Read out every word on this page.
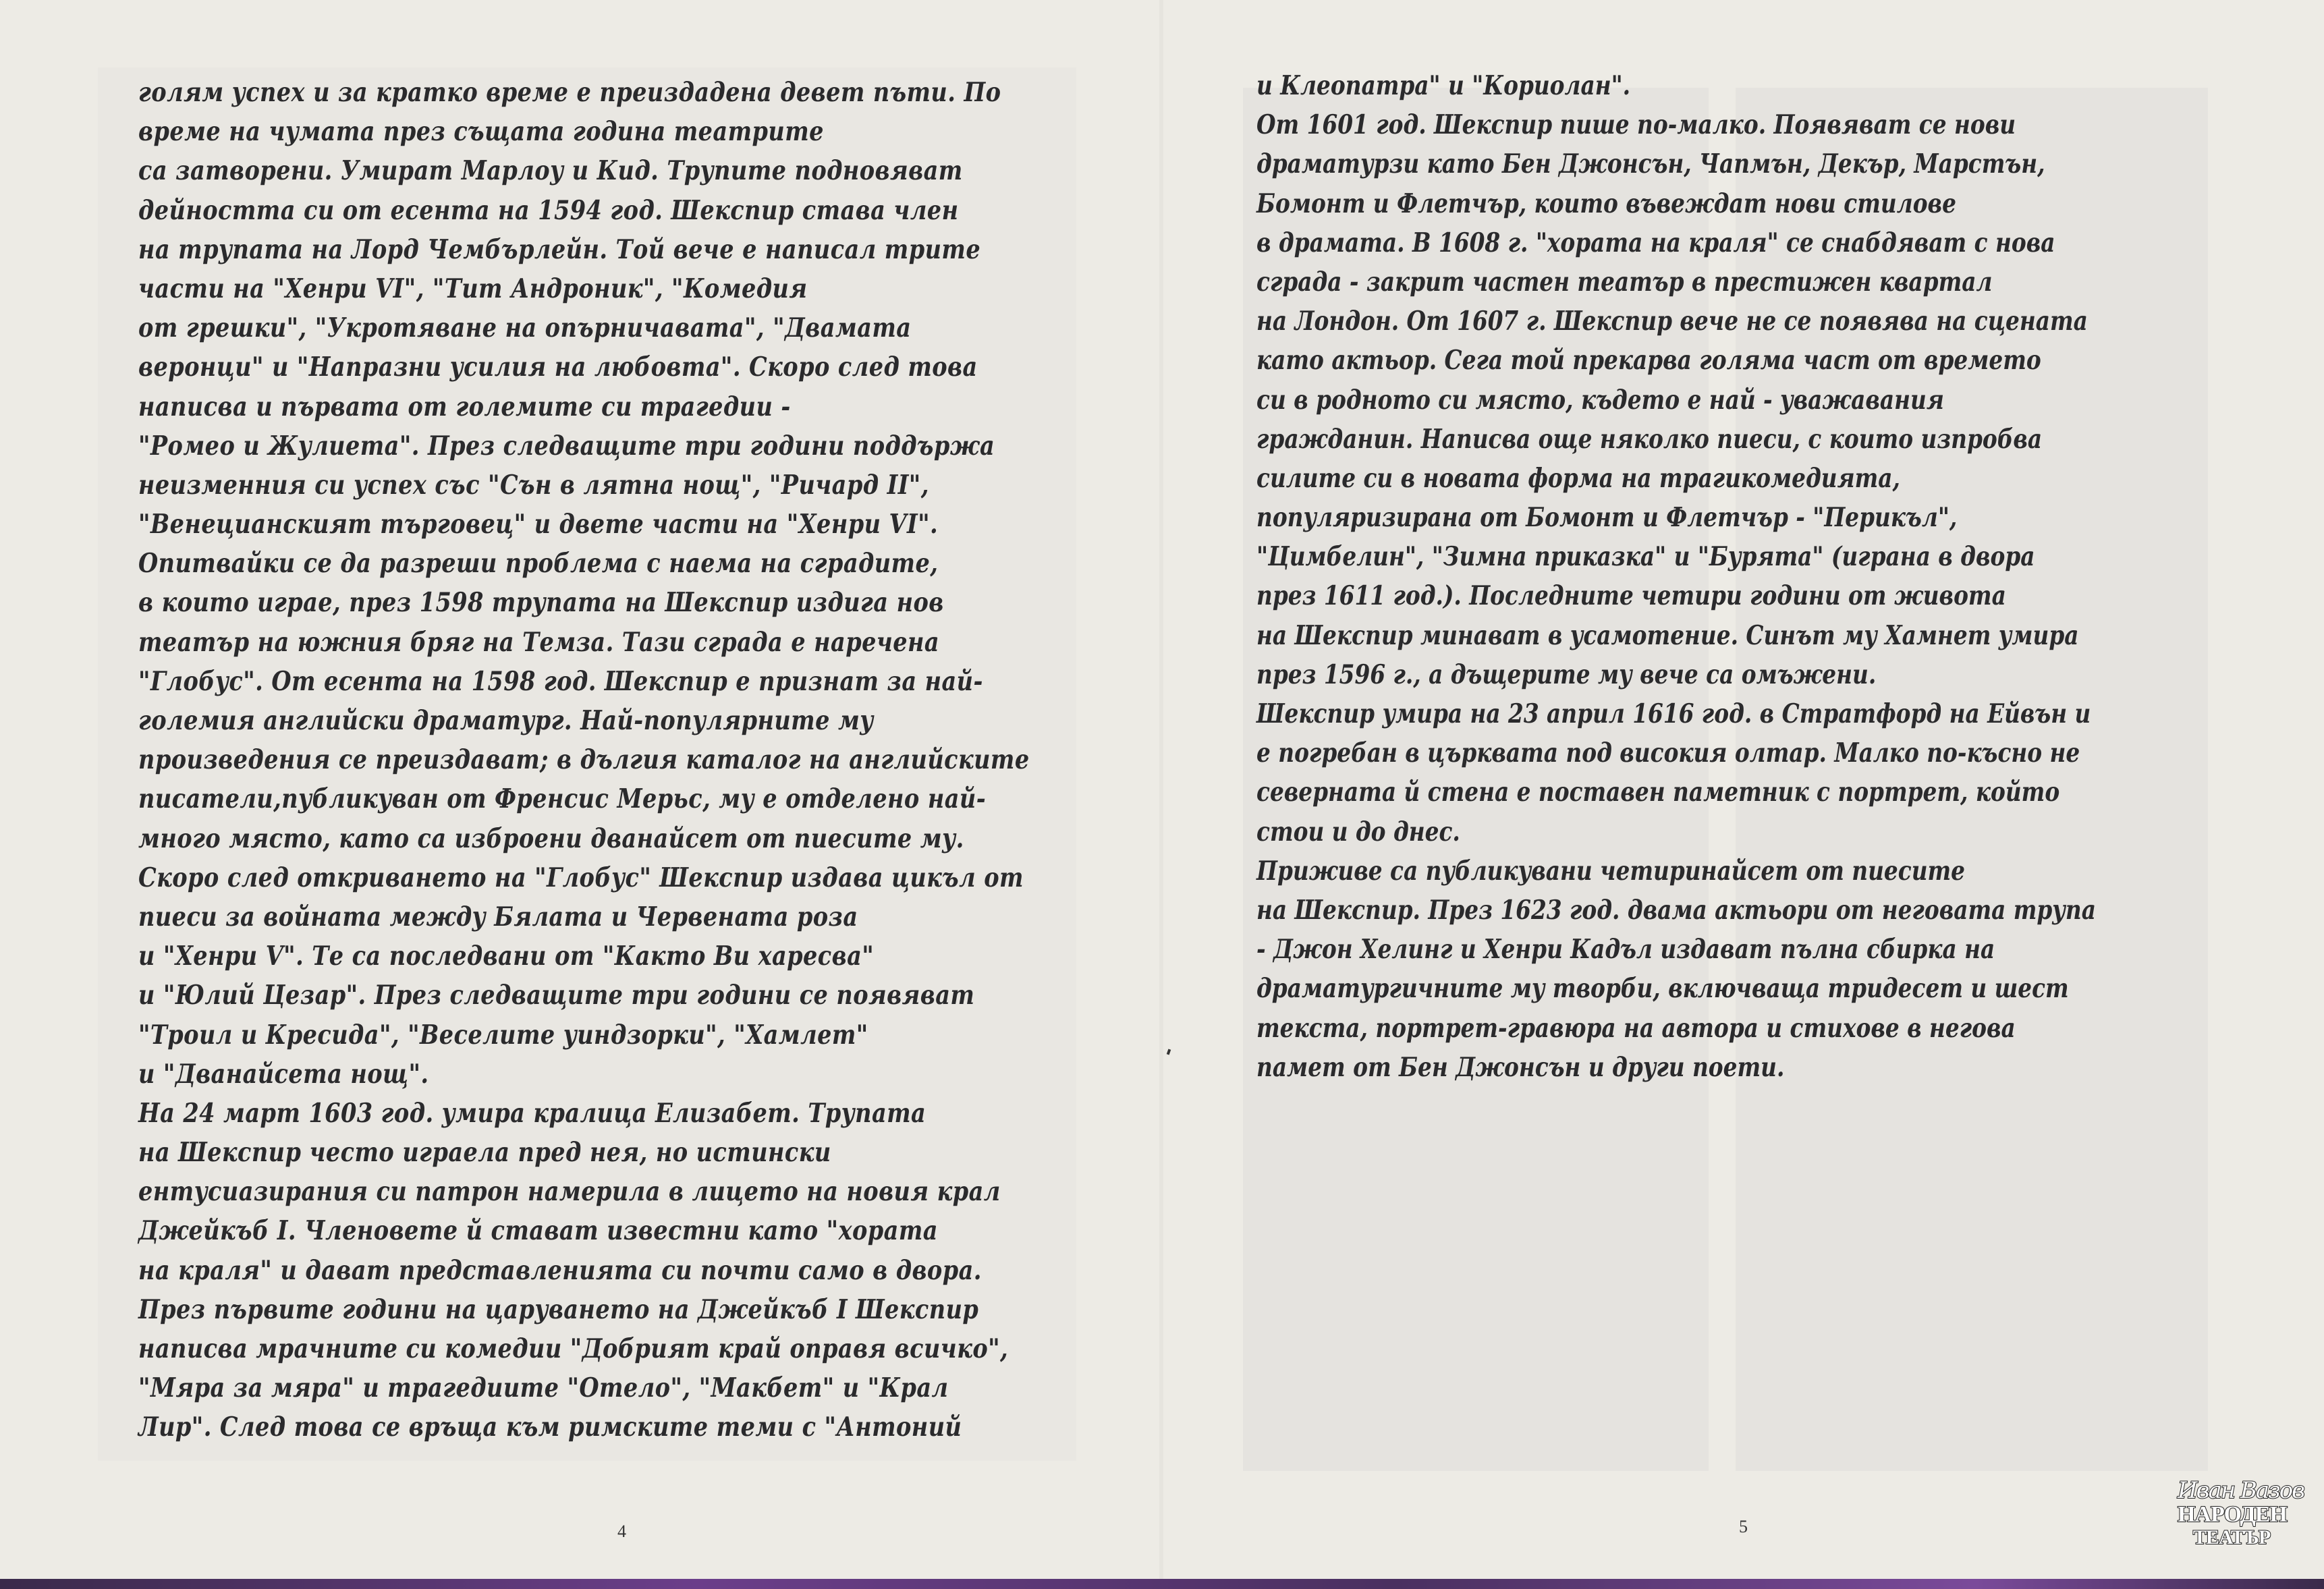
и Клеопатра" и "Кориолан".
От 1601 год. Шекспир пише по-малко. Появяват се нови
драматурзи като Бен Джонсън, Чапмън, Декър, Марстън,
Бомонт и Флетчър, които въвеждат нови стилове
в драмата. В 1608 г. "хората на краля" се снабдяват с нова
сграда - закрит частен театър в престижен квартал
на Лондон. От 1607 г. Шекспир вече не се появява на сцената
като актьор. Сега той прекарва голяма част от времето
си в родното си място, където е най - уважавания
гражданин. Написва още няколко пиеси, с които изпробва
силите си в новата форма на трагикомедията,
популяризирана от Бомонт и Флетчър - "Перикъл",
"Цимбелин", "Зимна приказка" и "Бурята" (играна в двора
през 1611 год.). Последните четири години от живота
на Шекспир минават в усамотение. Синът му Хамнет умира
през 1596 г., а дъщерите му вече са омъжени.
Шекспир умира на 23 април 1616 год. в Стратфорд на Ейвън и
е погребан в църквата под високия олтар. Малко по-късно не
северната й стена е поставен паметник с портрет, който
стои и до днес.
Приживе са публикувани четиринайсет от пиесите
на Шекспир. През 1623 год. двама актьори от неговата трупа
- Джон Хелинг и Хенри Кадъл издават пълна сбирка на
драматургичните му творби, включваща тридесет и шест
текста, портрет-гравюра на автора и стихове в негова
памет от Бен Джонсън и други поети.
5
Иван Вазов
НАРОДЕН
ТЕАТЪР
голям успех и за кратко време е преиздадена девет пъти. По
време на чумата през същата година театрите
са затворени. Умират Марлоу и Кид. Трупите подновяват
дейността си от есента на 1594 год. Шекспир става член
на трупата на Лорд Чембърлейн. Той вече е написал трите
части на "Хенри VI", "Тит Андроник", "Комедия
от грешки", "Укротяване на опърничавата", "Двамата
веронци" и "Напразни усилия на любовта". Скоро след това
написва и първата от големите си трагедии -
"Ромео и Жулиета". През следващите три години поддържа
неизменния си успех със "Сън в лятна нощ", "Ричард II",
"Венецианският търговец" и двете части на "Хенри VI".
Опитвайки се да разреши проблема с наема на сградите,
в които играе, през 1598 трупата на Шекспир издига нов
театър на южния бряг на Темза. Тази сграда е наречена
"Глобус". От есента на 1598 год. Шекспир е признат за най-
големия английски драматург. Най-популярните му
произведения се преиздават; в дългия каталог на английските
писатели,публикуван от Френсис Мерьс, му е отделено най-
много място, като са изброени дванайсет от пиесите му.
Скоро след откриването на "Глобус" Шекспир издава цикъл от
пиеси за войната между Бялата и Червената роза
и "Хенри V". Те са последвани от "Както Ви харесва"
и "Юлий Цезар". През следващите три години се появяват
"Троил и Кресида", "Веселите уиндзорки", "Хамлет"
и "Дванайсета нощ".
На 24 март 1603 год. умира кралица Елизабет. Трупата
на Шекспир често играела пред нея, но истински
ентусиазирания си патрон намерила в лицето на новия крал
Джейкъб I. Членовете й стават известни като "хората
на краля" и дават представленията си почти само в двора.
През първите години на царуването на Джейкъб I Шекспир
написва мрачните си комедии "Добрият край оправя всичко",
"Мяра за мяра" и трагедиите "Отело", "Макбет" и "Крал
Лир". След това се връща към римските теми с "Антоний
4
